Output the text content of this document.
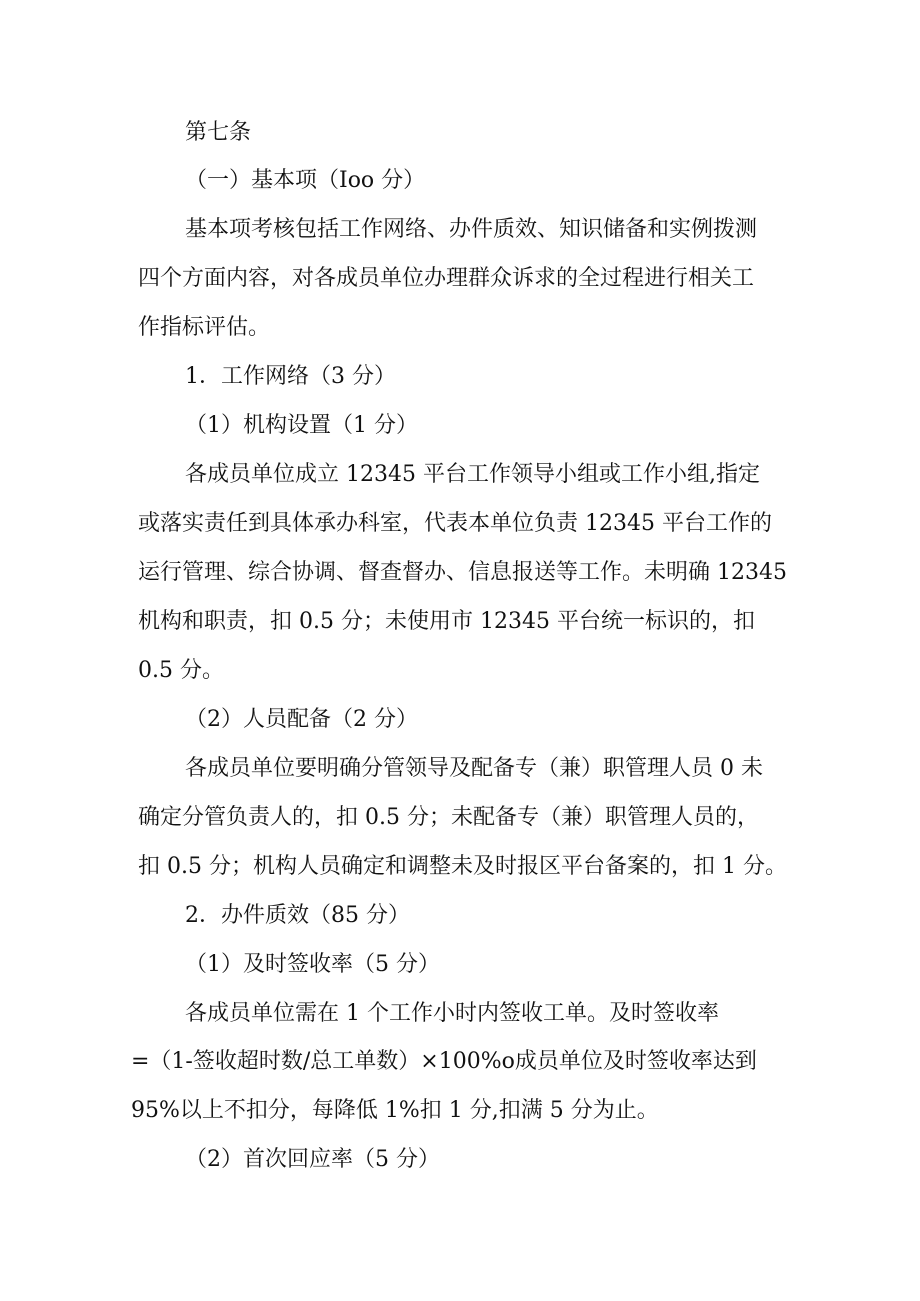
第七条
（一）基本项（Ioo 分）
基本项考核包括工作网络、办件质效、知识储备和实例拨测
四个方面内容，对各成员单位办理群众诉求的全过程进行相关工
作指标评估。
1．工作网络（3 分）
（1）机构设置（1 分）
各成员单位成立 12345 平台工作领导小组或工作小组,指定
或落实责任到具体承办科室，代表本单位负责 12345 平台工作的
运行管理、综合协调、督查督办、信息报送等工作。未明确 12345
机构和职责，扣 0.5 分；未使用市 12345 平台统一标识的，扣
0.5 分。
（2）人员配备（2 分）
各成员单位要明确分管领导及配备专（兼）职管理人员 0 未
确定分管负责人的，扣 0.5 分；未配备专（兼）职管理人员的，
扣 0.5 分；机构人员确定和调整未及时报区平台备案的，扣 1 分。
2．办件质效（85 分）
（1）及时签收率（5 分）
各成员单位需在 1 个工作小时内签收工单。及时签收率
=（1-签收超时数/总工单数）×100%o成员单位及时签收率达到
95%以上不扣分，每降低 1%扣 1 分,扣满 5 分为止。
（2）首次回应率（5 分）
